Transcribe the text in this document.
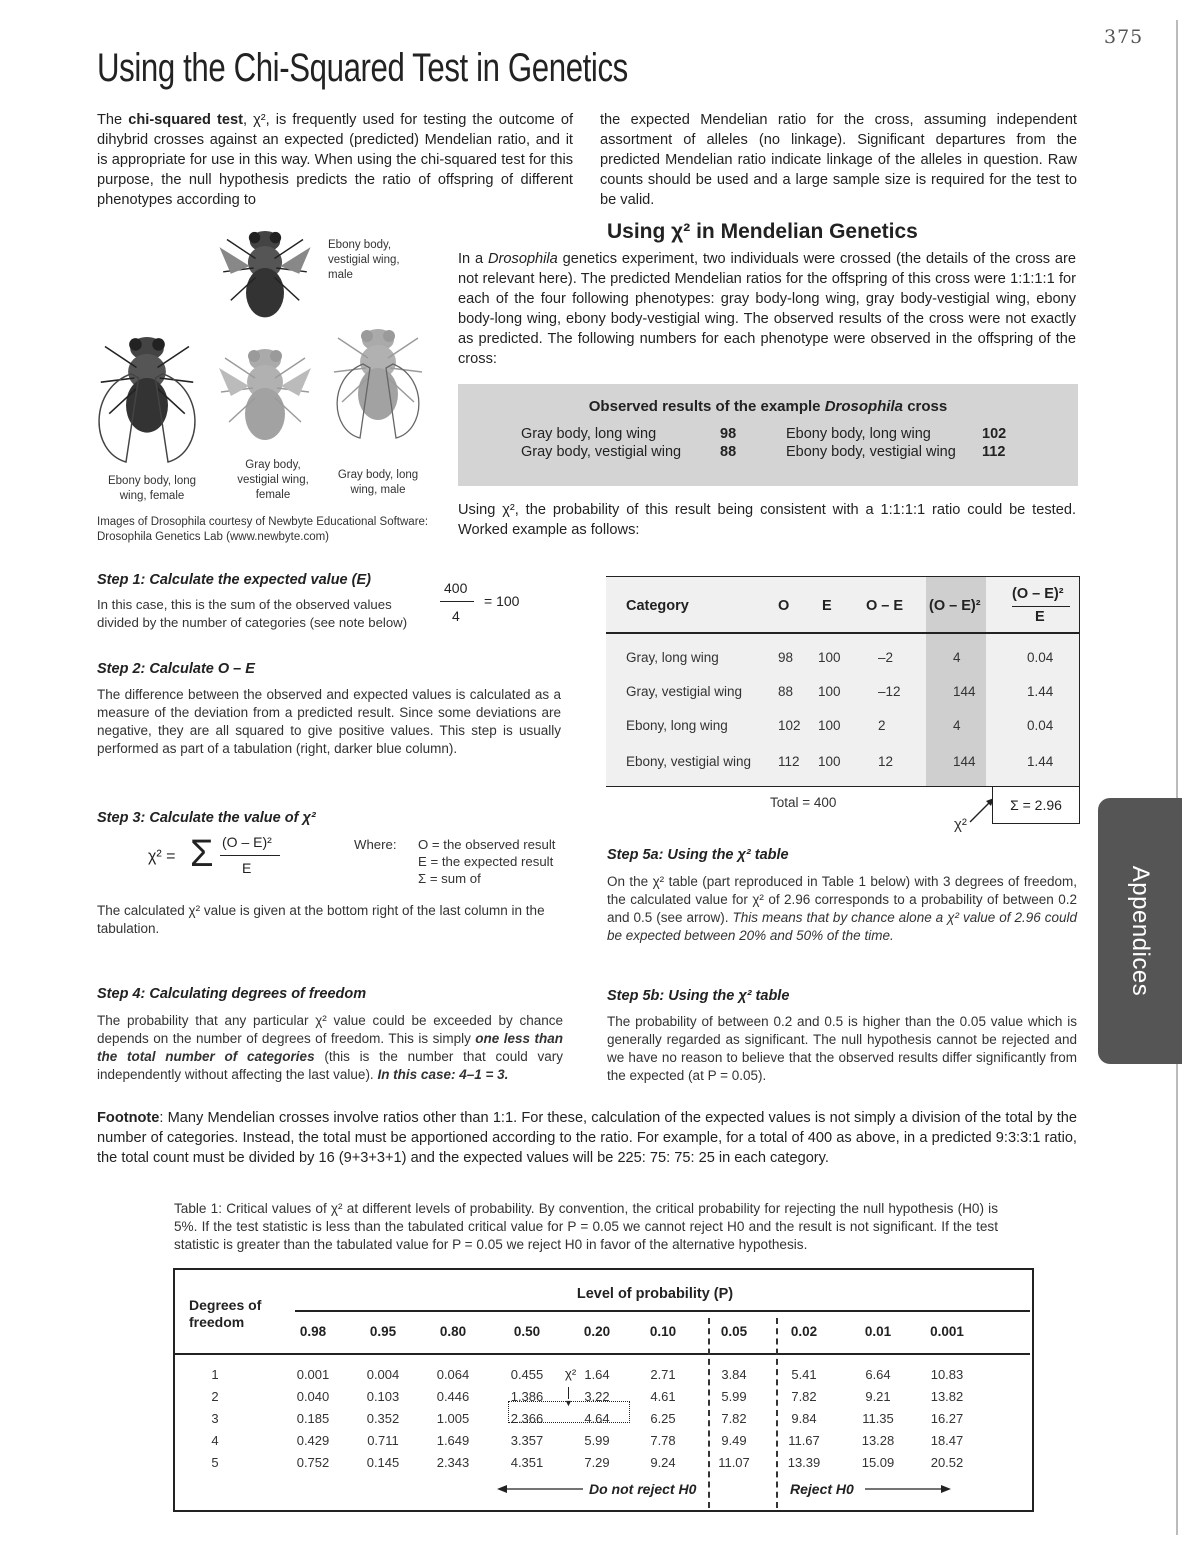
375
Appendices
Using the Chi-Squared Test in Genetics
The chi-squared test, χ², is frequently used for testing the outcome of dihybrid crosses against an expected (predicted) Mendelian ratio, and it is appropriate for use in this way. When using the chi-squared test for this purpose, the null hypothesis predicts the ratio of offspring of different phenotypes according to
the expected Mendelian ratio for the cross, assuming independent assortment of alleles (no linkage). Significant departures from the predicted Mendelian ratio indicate linkage of the alleles in question. Raw counts should be used and a large sample size is required for the test to be valid.
Ebony body, vestigial wing, male
Ebony body, long wing, female
Gray body, vestigial wing, female
Gray body, long wing, male
Images of Drosophila courtesy of Newbyte Educational Software: Drosophila Genetics Lab (www.newbyte.com)
Using χ² in Mendelian Genetics
In a Drosophila genetics experiment, two individuals were crossed (the details of the cross are not relevant here). The predicted Mendelian ratios for the offspring of this cross were 1:1:1:1 for each of the four following phenotypes: gray body-long wing, gray body-vestigial wing, ebony body-long wing, ebony body-vestigial wing. The observed results of the cross were not exactly as predicted. The following numbers for each phenotype were observed in the offspring of the cross:
Observed results of the example Drosophila cross
Gray body, long wing	98
Gray body, vestigial wing	88
Ebony body, long wing	102
Ebony body, vestigial wing 112
Using χ², the probability of this result being consistent with a 1:1:1:1 ratio could be tested. Worked example as follows:
Step 1: Calculate the expected value (E)
In this case, this is the sum of the observed values divided by the number of categories (see note below)
400
4
= 100
Step 2: Calculate O – E
The difference between the observed and expected values is calculated as a measure of the deviation from a predicted result. Since some deviations are negative, they are all squared to give positive values. This step is usually performed as part of a tabulation (right, darker blue column).
Step 3: Calculate the value of χ²
χ² = Σ (O – E)²
E
Where: O = the observed result
E = the expected result
Σ = sum of
The calculated χ² value is given at the bottom right of the last column in the tabulation.
Step 4: Calculating degrees of freedom
The probability that any particular χ² value could be exceeded by chance depends on the number of degrees of freedom. This is simply one less than the total number of categories (this is the number that could vary independently without affecting the last value). In this case: 4–1 = 3.
Category	O E O – E (O – E)²
(O – E)²
E
Gray, long wing	98 100	–2	4	0.04
Gray, vestigial wing	88 100	–12	144	1.44
Ebony, long wing	102 100	2	4	0.04
Ebony, vestigial wing 112 100	12	144	1.44
Total = 400
χ²
Σ = 2.96
Step 5a: Using the χ² table
On the χ² table (part reproduced in Table 1 below) with 3 degrees of freedom, the calculated value for χ² of 2.96 corresponds to a probability of between 0.2 and 0.5 (see arrow). This means that by chance alone a χ² value of 2.96 could be expected between 20% and 50% of the time.
Step 5b: Using the χ² table
The probability of between 0.2 and 0.5 is higher than the 0.05 value which is generally regarded as significant. The null hypothesis cannot be rejected and we have no reason to believe that the observed results differ significantly from the expected (at P = 0.05).
Footnote: Many Mendelian crosses involve ratios other than 1:1. For these, calculation of the expected values is not simply a division of the total by the number of categories. Instead, the total must be apportioned according to the ratio. For example, for a total of 400 as above, in a predicted 9:3:3:1 ratio, the total count must be divided by 16 (9+3+3+1) and the expected values will be 225: 75: 75: 25 in each category.
Table 1: Critical values of χ² at different levels of probability. By convention, the critical probability for rejecting the null hypothesis (H0) is 5%. If the test statistic is less than the tabulated critical value for P = 0.05 we cannot reject H0 and the result is not significant. If the test statistic is greater than the tabulated value for P = 0.05 we reject H0 in favor of the alternative hypothesis.
Degrees of freedom
Level of probability (P)
0.98	0.95	0.80	0.50	0.20	0.10	0.05	0.02	0.01	0.001
1	0.001	0.004	0.064	0.455	1.64	2.71	3.84	5.41	6.64	10.83
2	0.040	0.103	0.446	1.386	3.22	4.61	5.99	7.82	9.21	13.82
3	0.185	0.352	1.005	2.366	4.64	6.25	7.82	9.84	11.35	16.27
4	0.429	0.711	1.649	3.357	5.99	7.78	9.49	11.67	13.28	18.47
5	0.752	0.145	2.343	4.351	7.29	9.24	11.07	13.39	15.09	20.52
χ²
▼
Do not reject H0	Reject H0
